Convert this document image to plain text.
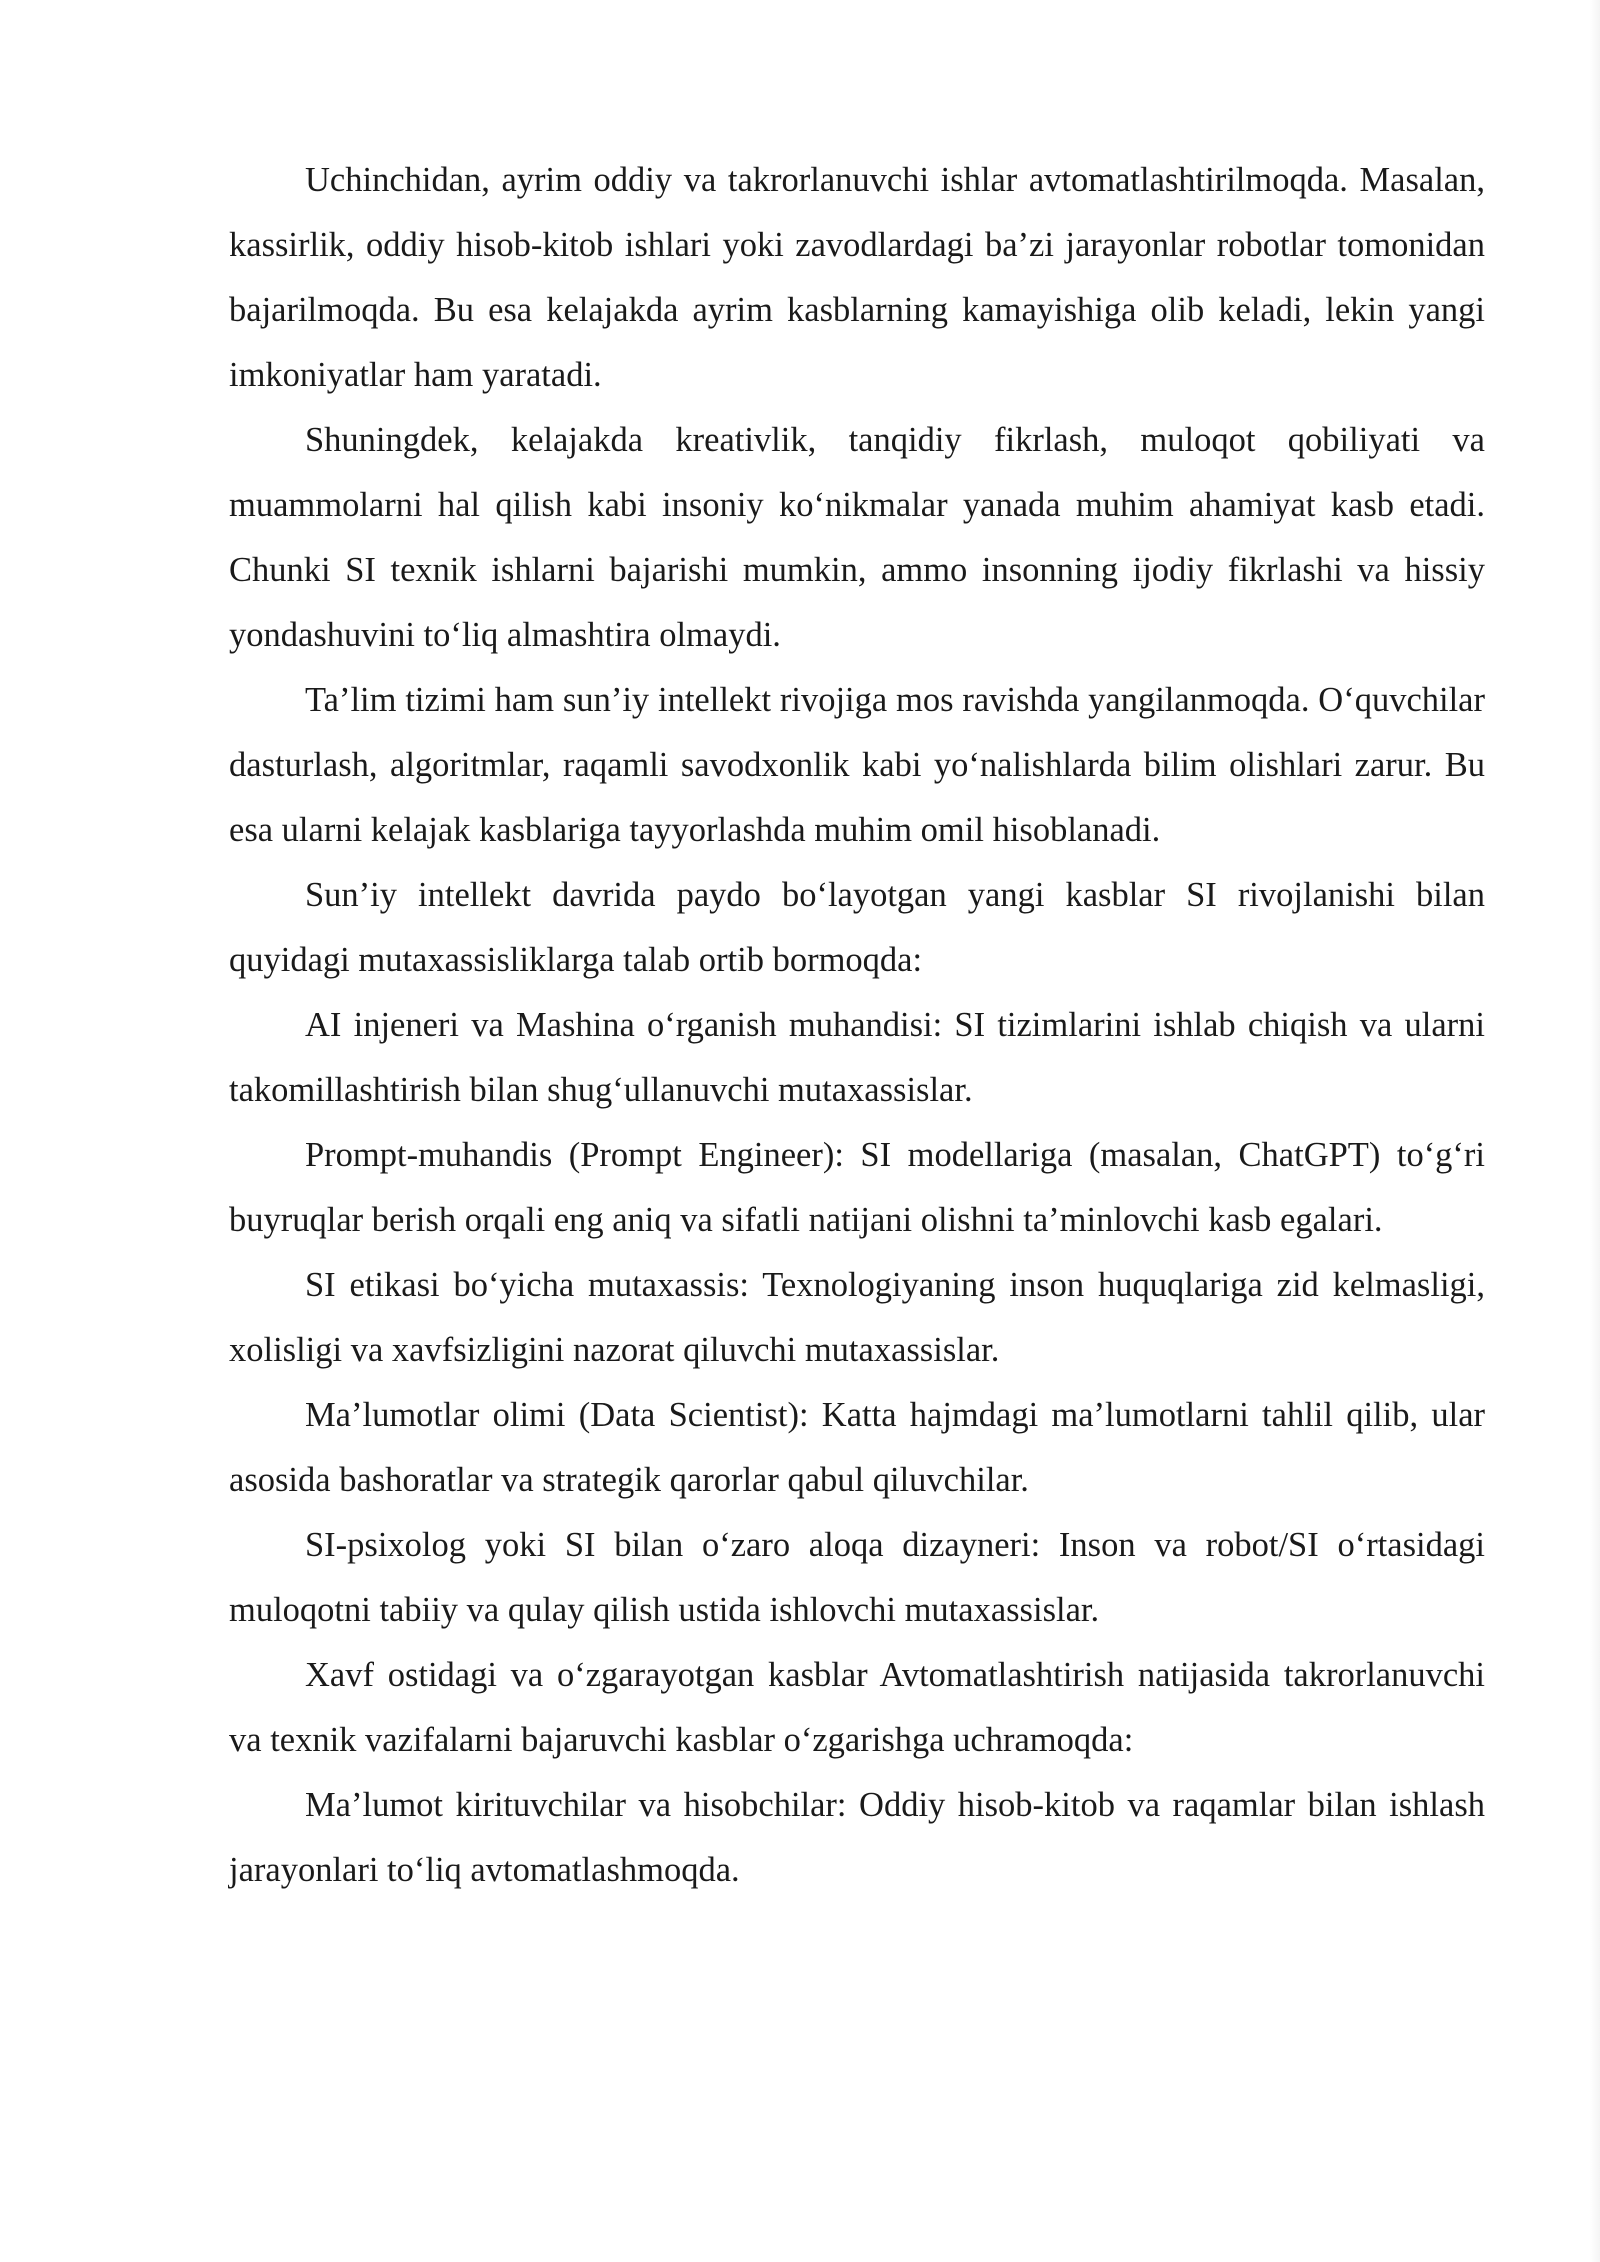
Uchinchidan, ayrim oddiy va takrorlanuvchi ishlar avtomatlashtirilmoqda. Masalan, kassirlik, oddiy hisob-kitob ishlari yoki zavodlardagi ba’zi jarayonlar robotlar tomonidan bajarilmoqda. Bu esa kelajakda ayrim kasblarning kamayishiga olib keladi, lekin yangi imkoniyatlar ham yaratadi.

Shuningdek, kelajakda kreativlik, tanqidiy fikrlash, muloqot qobiliyati va muammolarni hal qilish kabi insoniy ko‘nikmalar yanada muhim ahamiyat kasb etadi. Chunki SI texnik ishlarni bajarishi mumkin, ammo insonning ijodiy fikrlashi va hissiy yondashuvini to‘liq almashtira olmaydi.

Ta’lim tizimi ham sun’iy intellekt rivojiga mos ravishda yangilanmoqda. O‘quvchilar dasturlash, algoritmlar, raqamli savodxonlik kabi yo‘nalishlarda bilim olishlari zarur. Bu esa ularni kelajak kasblariga tayyorlashda muhim omil hisoblanadi.

Sun’iy intellekt davrida paydo bo‘layotgan yangi kasblar SI rivojlanishi bilan quyidagi mutaxassisliklarga talab ortib bormoqda:

AI injeneri va Mashina o‘rganish muhandisi: SI tizimlarini ishlab chiqish va ularni takomillashtirish bilan shug‘ullanuvchi mutaxassislar.

Prompt-muhandis (Prompt Engineer): SI modellariga (masalan, ChatGPT) to‘g‘ri buyruqlar berish orqali eng aniq va sifatli natijani olishni ta’minlovchi kasb egalari.

SI etikasi bo‘yicha mutaxassis: Texnologiyaning inson huquqlariga zid kelmasligi, xolisligi va xavfsizligini nazorat qiluvchi mutaxassislar.

Ma’lumotlar olimi (Data Scientist): Katta hajmdagi ma’lumotlarni tahlil qilib, ular asosida bashoratlar va strategik qarorlar qabul qiluvchilar.

SI-psixolog yoki SI bilan o‘zaro aloqa dizayneri: Inson va robot/SI o‘rtasidagi muloqotni tabiiy va qulay qilish ustida ishlovchi mutaxassislar.

Xavf ostidagi va o‘zgarayotgan kasblar Avtomatlashtirish natijasida takrorlanuvchi va texnik vazifalarni bajaruvchi kasblar o‘zgarishga uchramoqda:

Ma’lumot kirituvchilar va hisobchilar: Oddiy hisob-kitob va raqamlar bilan ishlash jarayonlari to‘liq avtomatlashmoqda.
